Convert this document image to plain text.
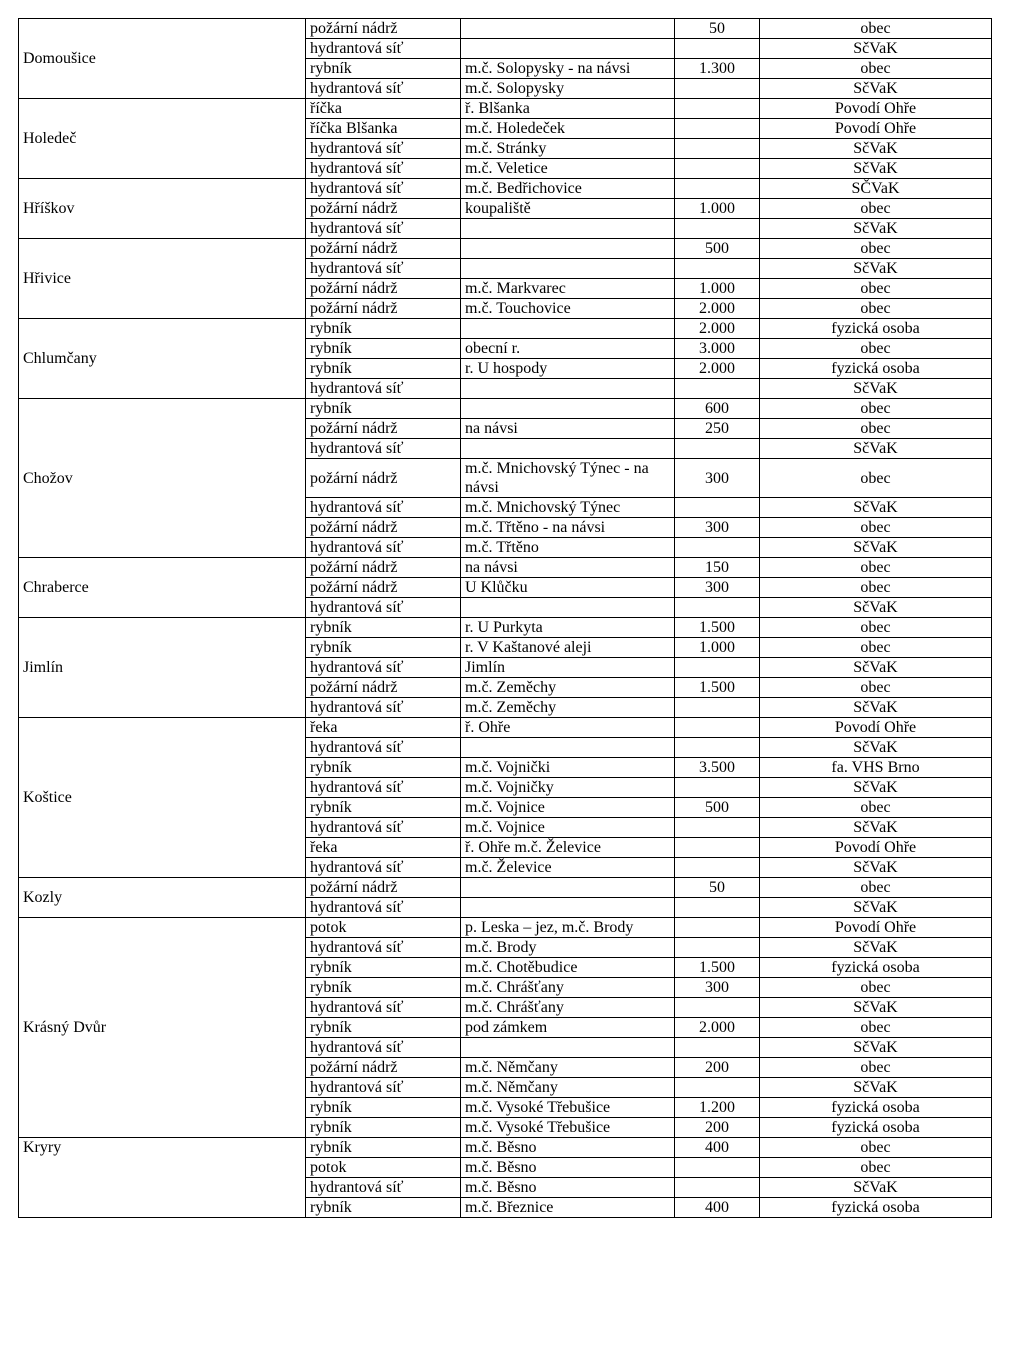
Domoušice	požární nádrž		50	obec
	hydrantová síť			SčVaK
	rybník	m.č. Solopysky - na návsi	1.300	obec
	hydrantová síť	m.č. Solopysky		SčVaK
Holedeč	říčka	ř. Blšanka		Povodí Ohře
	říčka Blšanka	m.č. Holedeček		Povodí Ohře
	hydrantová síť	m.č. Stránky		SčVaK
	hydrantová síť	m.č. Veletice		SčVaK
Hříškov	hydrantová síť	m.č. Bedřichovice		SČVaK
	požární nádrž	koupaliště	1.000	obec
	hydrantová síť			SčVaK
Hřivice	požární nádrž		500	obec
	hydrantová síť			SčVaK
	požární nádrž	m.č. Markvarec	1.000	obec
	požární nádrž	m.č. Touchovice	2.000	obec
Chlumčany	rybník		2.000	fyzická osoba
	rybník	obecní r.	3.000	obec
	rybník	r. U hospody	2.000	fyzická osoba
	hydrantová síť			SčVaK
Chožov	rybník		600	obec
	požární nádrž	na návsi	250	obec
	hydrantová síť			SčVaK
	požární nádrž	m.č. Mnichovský Týnec - na návsi	300	obec
	hydrantová síť	m.č. Mnichovský Týnec		SčVaK
	požární nádrž	m.č. Třtěno - na návsi	300	obec
	hydrantová síť	m.č. Třtěno		SčVaK
Chraberce	požární nádrž	na návsi	150	obec
	požární nádrž	U Klůčku	300	obec
	hydrantová síť			SčVaK
Jimlín	rybník	r. U Purkyta	1.500	obec
	rybník	r. V Kaštanové aleji	1.000	obec
	hydrantová síť	Jimlín		SčVaK
	požární nádrž	m.č. Zeměchy	1.500	obec
	hydrantová síť	m.č. Zeměchy		SčVaK
Koštice	řeka	ř. Ohře		Povodí Ohře
	hydrantová síť			SčVaK
	rybník	m.č. Vojnički	3.500	fa. VHS Brno
	hydrantová síť	m.č. Vojničky		SčVaK
	rybník	m.č. Vojnice	500	obec
	hydrantová síť	m.č. Vojnice		SčVaK
	řeka	ř. Ohře m.č. Želevice		Povodí Ohře
	hydrantová síť	m.č. Želevice		SčVaK
Kozly	požární nádrž		50	obec
	hydrantová síť			SčVaK
Krásný Dvůr	potok	p. Leska – jez, m.č. Brody		Povodí Ohře
	hydrantová síť	m.č. Brody		SčVaK
	rybník	m.č. Chotěbudice	1.500	fyzická osoba
	rybník	m.č. Chrášťany	300	obec
	hydrantová síť	m.č. Chrášťany		SčVaK
	rybník	pod zámkem	2.000	obec
	hydrantová síť			SčVaK
	požární nádrž	m.č. Němčany	200	obec
	hydrantová síť	m.č. Němčany		SčVaK
	rybník	m.č. Vysoké Třebušice	1.200	fyzická osoba
	rybník	m.č. Vysoké Třebušice	200	fyzická osoba
Kryry	rybník	m.č. Běsno	400	obec
	potok	m.č. Běsno		obec
	hydrantová síť	m.č. Běsno		SčVaK
	rybník	m.č. Březnice	400	fyzická osoba
